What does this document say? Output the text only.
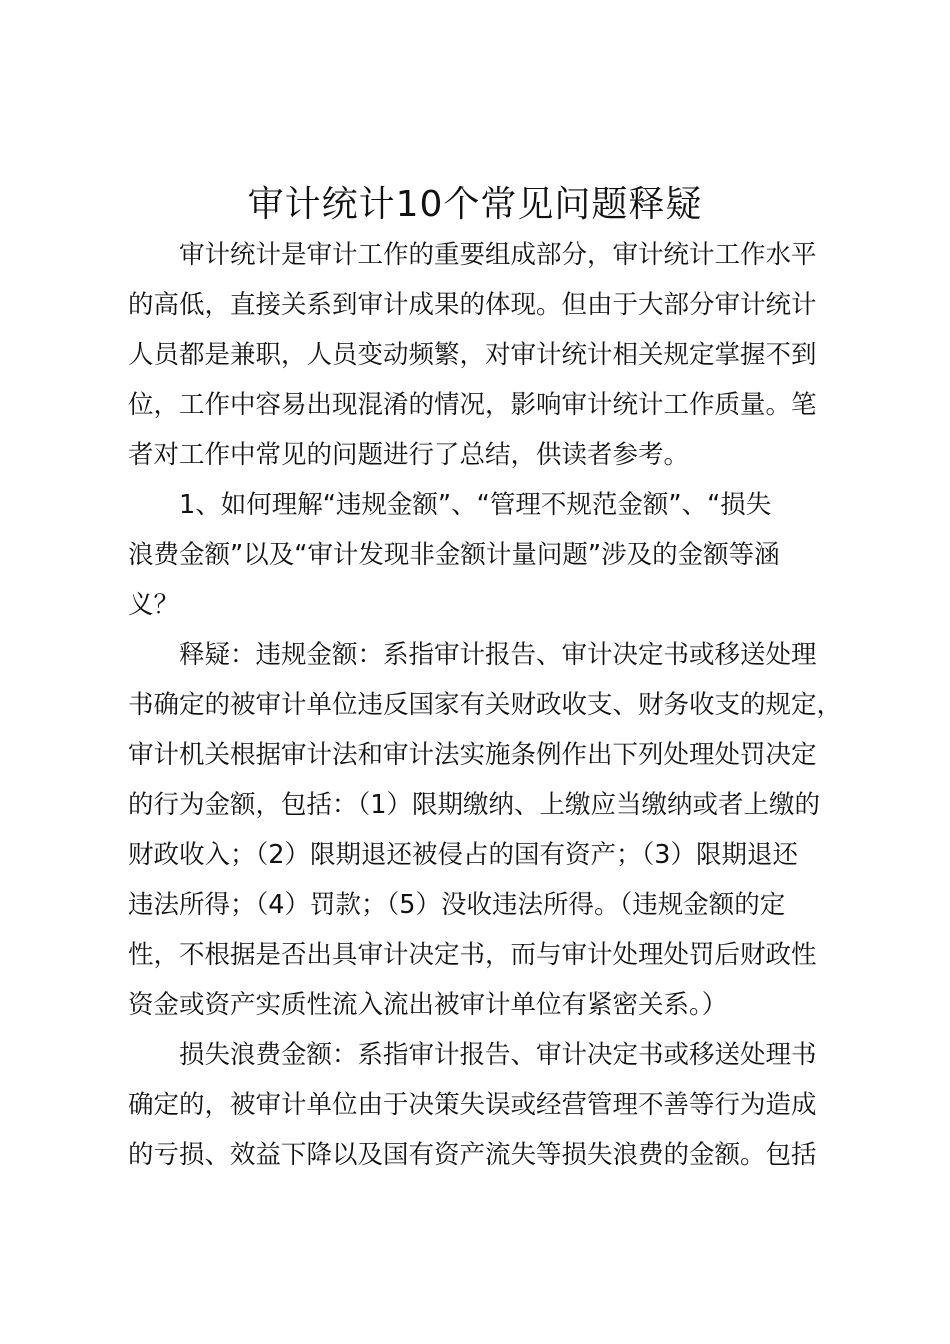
审计统计10个常见问题释疑
　　审计统计是审计工作的重要组成部分，审计统计工作水平
的高低，直接关系到审计成果的体现。但由于大部分审计统计
人员都是兼职，人员变动频繁，对审计统计相关规定掌握不到
位，工作中容易出现混淆的情况，影响审计统计工作质量。笔
者对工作中常见的问题进行了总结，供读者参考。
　　1、如何理解“违规金额”、“管理不规范金额”、“损失
浪费金额”以及“审计发现非金额计量问题”涉及的金额等涵
义？
　　释疑：违规金额：系指审计报告、审计决定书或移送处理
书确定的被审计单位违反国家有关财政收支、财务收支的规定，
审计机关根据审计法和审计法实施条例作出下列处理处罚决定
的行为金额，包括：（1）限期缴纳、上缴应当缴纳或者上缴的
财政收入；（2）限期退还被侵占的国有资产；（3）限期退还
违法所得；（4）罚款；（5）没收违法所得。（违规金额的定
性，不根据是否出具审计决定书，而与审计处理处罚后财政性
资金或资产实质性流入流出被审计单位有紧密关系。）
　　损失浪费金额：系指审计报告、审计决定书或移送处理书
确定的，被审计单位由于决策失误或经营管理不善等行为造成
的亏损、效益下降以及国有资产流失等损失浪费的金额。包括
